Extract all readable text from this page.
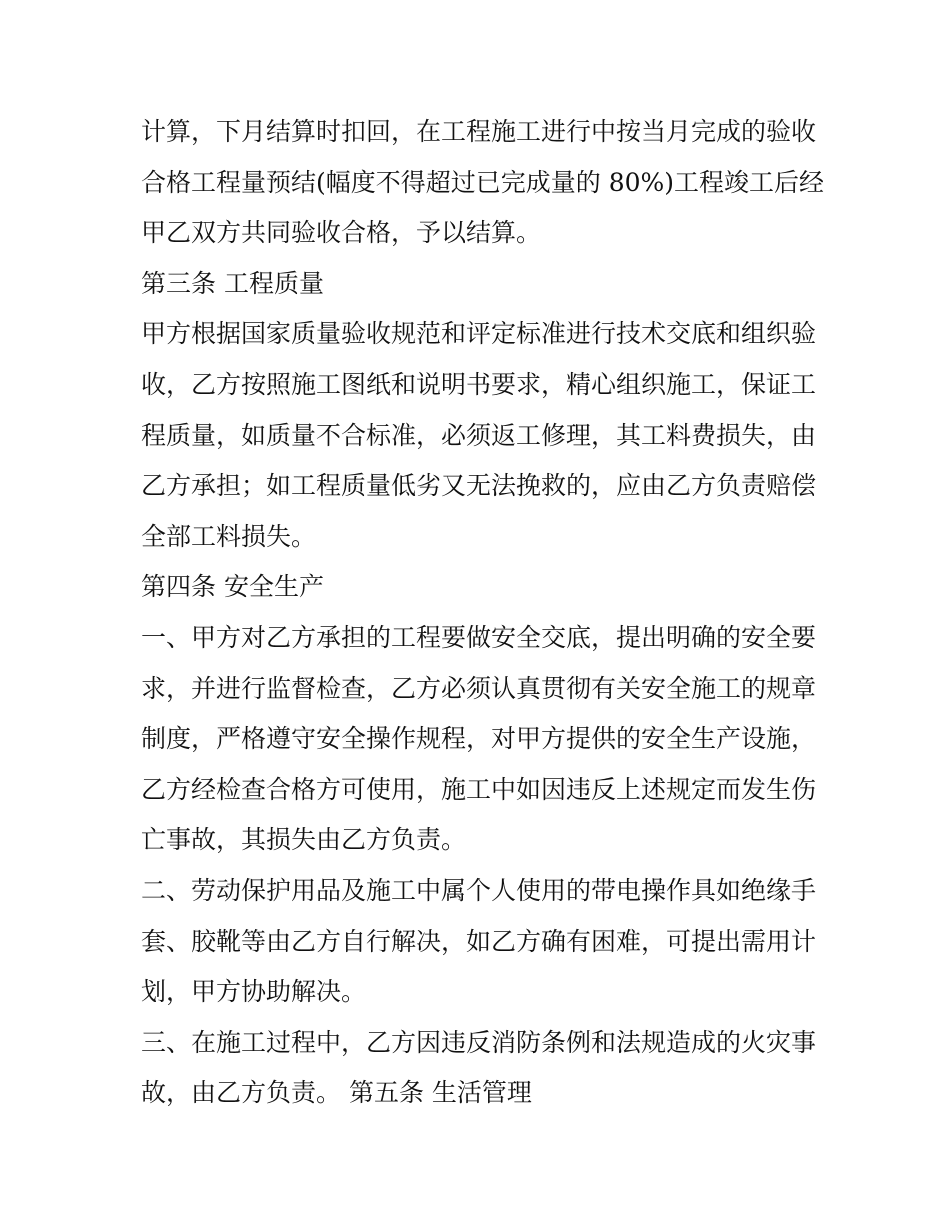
计算，下月结算时扣回，在工程施工进行中按当月完成的验收
合格工程量预结(幅度不得超过已完成量的 80%)工程竣工后经
甲乙双方共同验收合格，予以结算。
第三条 工程质量
甲方根据国家质量验收规范和评定标准进行技术交底和组织验
收，乙方按照施工图纸和说明书要求，精心组织施工，保证工
程质量，如质量不合标准，必须返工修理，其工料费损失，由
乙方承担；如工程质量低劣又无法挽救的，应由乙方负责赔偿
全部工料损失。
第四条 安全生产
一、甲方对乙方承担的工程要做安全交底，提出明确的安全要
求，并进行监督检查，乙方必须认真贯彻有关安全施工的规章
制度，严格遵守安全操作规程，对甲方提供的安全生产设施，
乙方经检查合格方可使用，施工中如因违反上述规定而发生伤
亡事故，其损失由乙方负责。
二、劳动保护用品及施工中属个人使用的带电操作具如绝缘手
套、胶靴等由乙方自行解决，如乙方确有困难，可提出需用计
划，甲方协助解决。
三、在施工过程中，乙方因违反消防条例和法规造成的火灾事
故，由乙方负责。 第五条 生活管理
